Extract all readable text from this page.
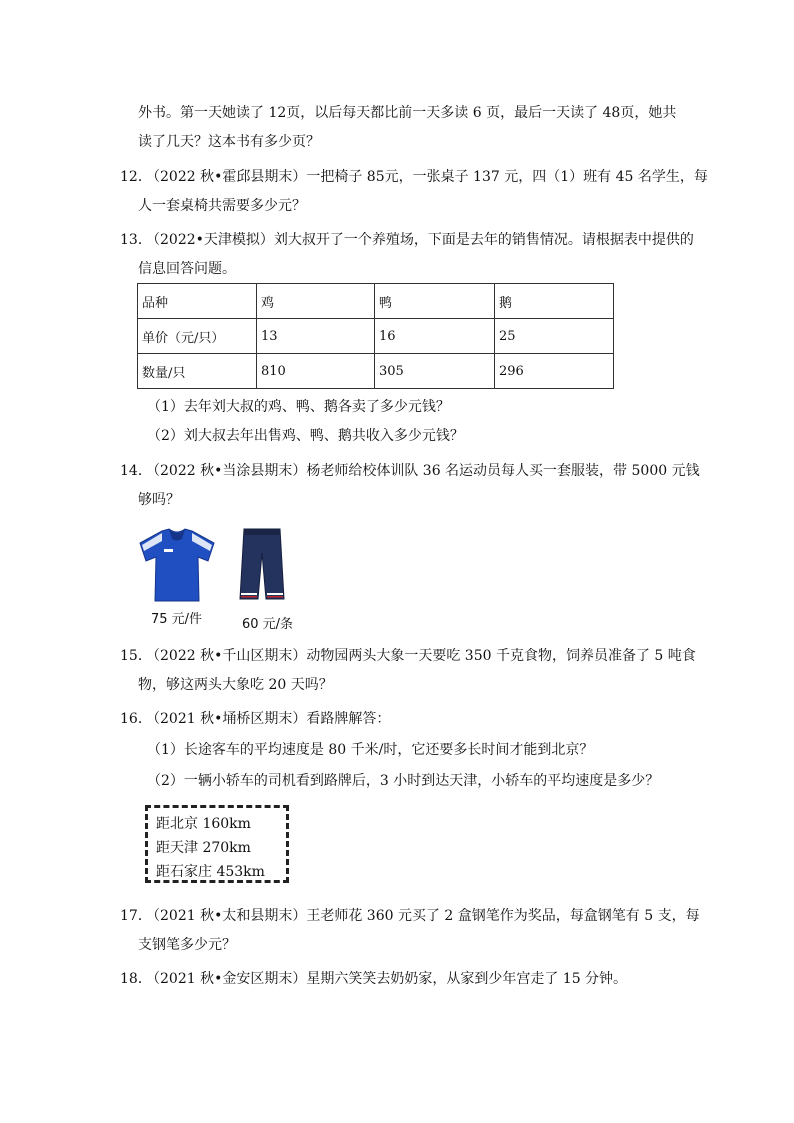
外书。第一天她读了 12页，以后每天都比前一天多读 6 页，最后一天读了 48页，她共
读了几天？这本书有多少页？
12．
（2022 秋•霍邱县期末）一把椅子 85元，一张桌子 137 元，四（1）班有 45 名学生，每
人一套桌椅共需要多少元？
13．
（2022•天津模拟）刘大叔开了一个养殖场，下面是去年的销售情况。请根据表中提供的
信息回答问题。
品种	鸡	鸭	鹅
单价（元/只）	13	16	25
数量/只	810	305	296
（1）去年刘大叔的鸡、鸭、鹅各卖了多少元钱？
（2）刘大叔去年出售鸡、鸭、鹅共收入多少元钱？
14．
（2022 秋•当涂县期末）杨老师给校体训队 36 名运动员每人买一套服装，带 5000 元钱
够吗？
75 元/件	60 元/条
15．
（2022 秋•千山区期末）动物园两头大象一天要吃 350 千克食物，饲养员准备了 5 吨食
物，够这两头大象吃 20 天吗？
16．
（2021 秋•埇桥区期末）看路牌解答：
（1）长途客车的平均速度是 80 千米/时，它还要多长时间才能到北京？
（2）一辆小轿车的司机看到路牌后，3 小时到达天津，小轿车的平均速度是多少？
距北京 160km
距天津 270km
距石家庄 453km
17．
（2021 秋•太和县期末）王老师花 360 元买了 2 盒钢笔作为奖品，每盒钢笔有 5 支，每
支钢笔多少元？
18．
（2021 秋•金安区期末）星期六笑笑去奶奶家，从家到少年宫走了 15 分钟。
